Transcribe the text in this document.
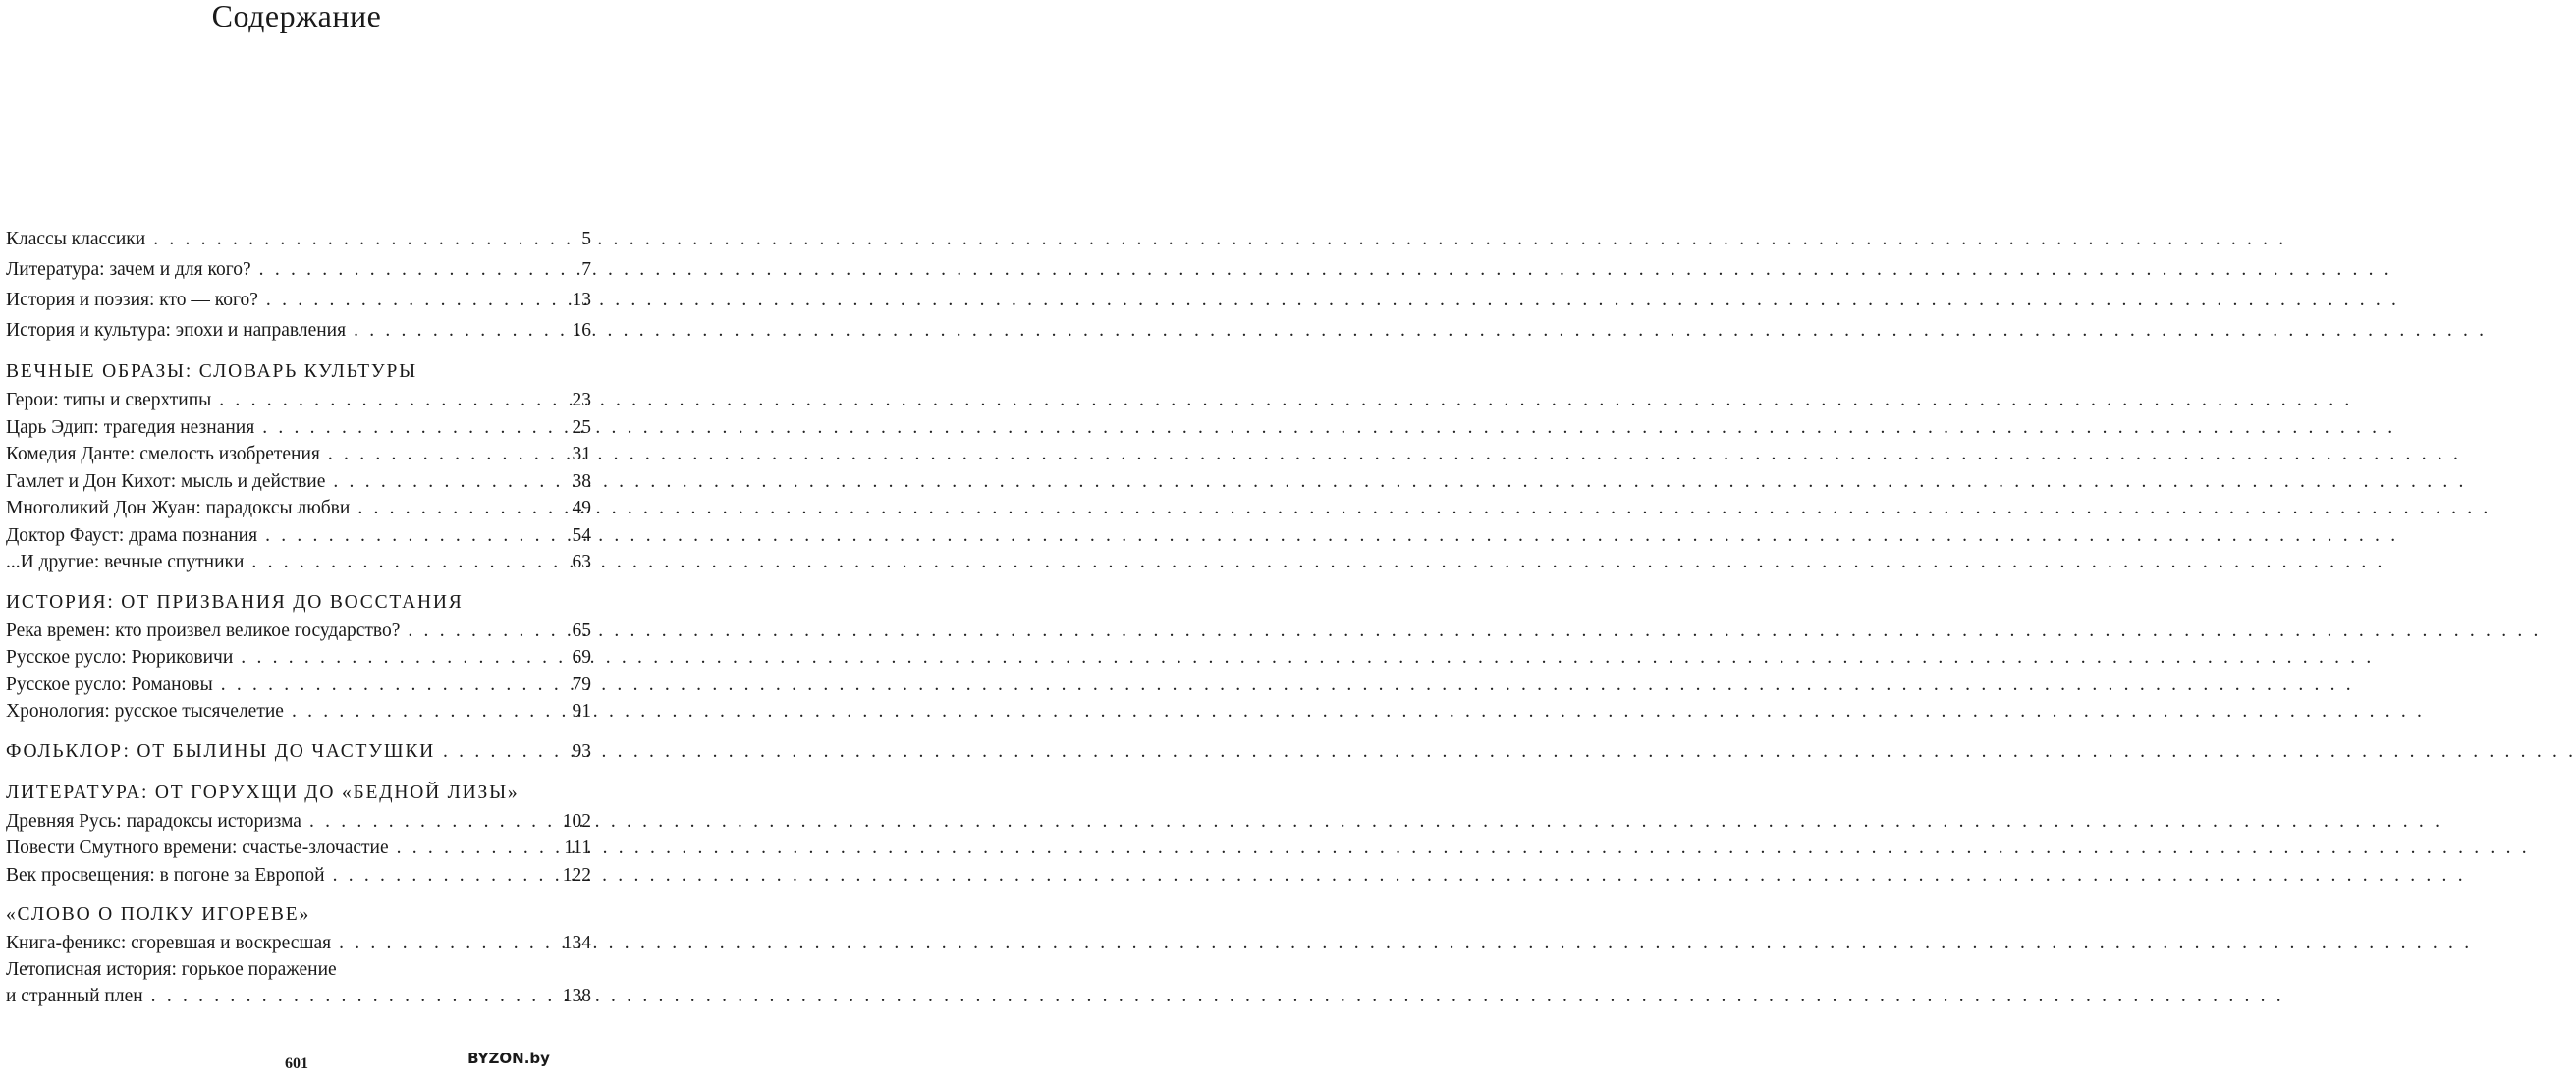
Содержание
Классы классики . . .	5
Литература: зачем и для кого? . . .	7
История и поэзия: кто — кого? . . .	13
История и культура: эпохи и направления . . .	16
ВЕЧНЫЕ ОБРАЗЫ: СЛОВАРЬ КУЛЬТУРЫ
Герои: типы и сверхтипы . . .	23
Царь Эдип: трагедия незнания . . .	25
Комедия Данте: смелость изобретения . . .	31
Гамлет и Дон Кихот: мысль и действие . . .	38
Многоликий Дон Жуан: парадоксы любви . . .	49
Доктор Фауст: драма познания . . .	54
...И другие: вечные спутники . . .	63
ИСТОРИЯ: ОТ ПРИЗВАНИЯ ДО ВОССТАНИЯ
Река времен: кто произвел великое государство? . . .	65
Русское русло: Рюриковичи . . .	69
Русское русло: Романовы . . .	79
Хронология: русское тысячелетие . . .	91
ФОЛЬКЛОР: ОТ БЫЛИНЫ ДО ЧАСТУШКИ . . .	93
ЛИТЕРАТУРА: ОТ ГОРУХЩИ ДО «БЕДНОЙ ЛИЗЫ»
Древняя Русь: парадоксы историзма . . .	102
Повести Смутного времени: счастье-злочастие . . .	111
Век просвещения: в погоне за Европой . . .	122
«СЛОВО О ПОЛКУ ИГОРЕВЕ»
Книга-феникс: сгоревшая и воскресшая . . .	134
Летописная история: горькое поражение
и странный плен . . .	138
601	BYZON.by
